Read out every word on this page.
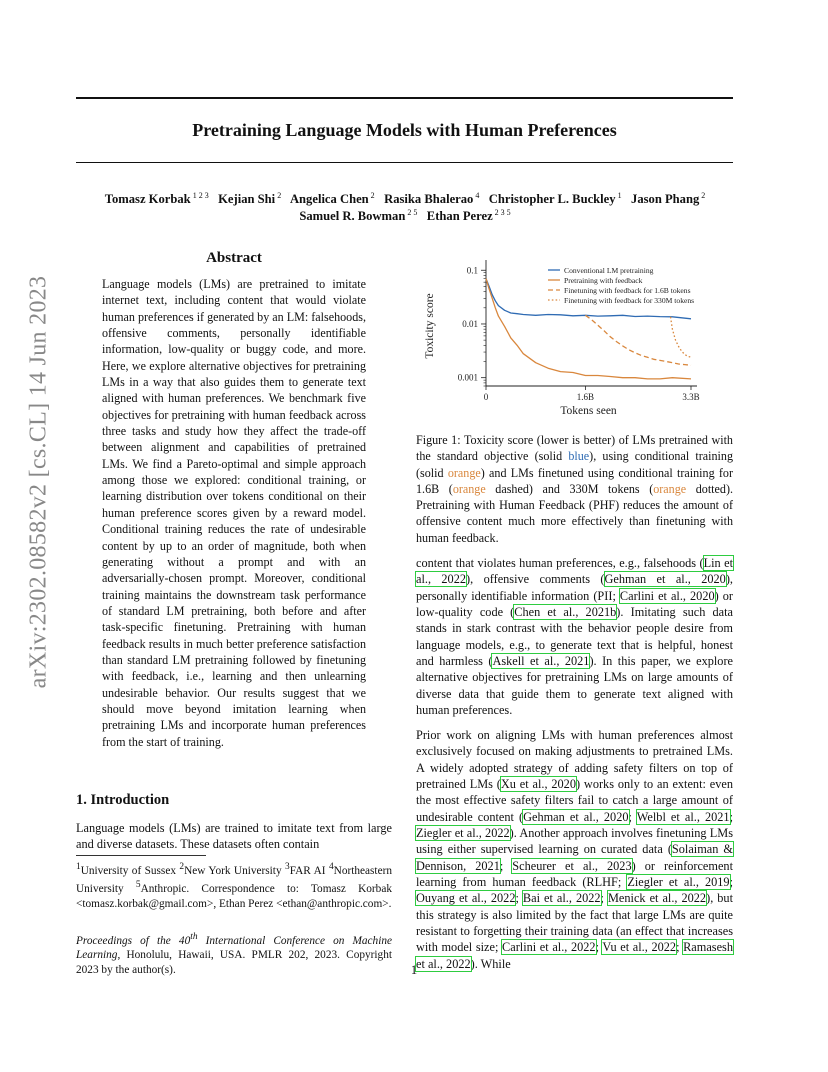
Pretraining Language Models with Human Preferences
Tomasz Korbak $^{1 2 3}$  Kejian Shi $^2$  Angelica Chen $^2$  Rasika Bhalerao $^4$  Christopher L. Buckley $^1$  Jason Phang $^2$
Samuel R. Bowman $^{2 5}$  Ethan Perez $^{2 3 5}$
arXiv:2302.08582v2 [cs.CL] 14 Jun 2023
Abstract
Language models (LMs) are pretrained to imitate internet text, including content that would violate human preferences if generated by an LM: falsehoods, offensive comments, personally identifiable information, low-quality or buggy code, and more. Here, we explore alternative objectives for pretraining LMs in a way that also guides them to generate text aligned with human preferences. We benchmark five objectives for pretraining with human feedback across three tasks and study how they affect the trade-off between alignment and capabilities of pretrained LMs. We find a Pareto-optimal and simple approach among those we explored: conditional training, or learning distribution over tokens conditional on their human preference scores given by a reward model. Conditional training reduces the rate of undesirable content by up to an order of magnitude, both when generating without a prompt and with an adversarially-chosen prompt. Moreover, conditional training maintains the downstream task performance of standard LM pretraining, both before and after task-specific finetuning. Pretraining with human feedback results in much better preference satisfaction than standard LM pretraining followed by finetuning with feedback, i.e., learning and then unlearning undesirable behavior. Our results suggest that we should move beyond imitation learning when pretraining LMs and incorporate human preferences from the start of training.
1. Introduction
Language models (LMs) are trained to imitate text from large and diverse datasets. These datasets often contain
$^1$University of Sussex $^2$New York University $^3$FAR AI $^4$Northeastern University $^5$Anthropic. Correspondence to: Tomasz Korbak <tomasz.korbak@gmail.com>, Ethan Perez <ethan@anthropic.com>.
Proceedings of the 40th International Conference on Machine Learning, Honolulu, Hawaii, USA. PMLR 202, 2023. Copyright 2023 by the author(s).
0.001
0.01
0.1
0	1.6B	3.3B
Tokens seen
Toxicity score
Conventional LM pretraining
Pretraining with feedback
Finetuning with feedback for 1.6B tokens
Finetuning with feedback for 330M tokens
Figure 1: Toxicity score (lower is better) of LMs pretrained with the standard objective (solid blue), using conditional training (solid orange) and LMs finetuned using conditional training for 1.6B (orange dashed) and 330M tokens (orange dotted). Pretraining with Human Feedback (PHF) reduces the amount of offensive content much more effectively than finetuning with human feedback.
content that violates human preferences, e.g., falsehoods (Lin et al., 2022), offensive comments (Gehman et al., 2020), personally identifiable information (PII; Carlini et al., 2020) or low-quality code (Chen et al., 2021b). Imitating such data stands in stark contrast with the behavior people desire from language models, e.g., to generate text that is helpful, honest and harmless (Askell et al., 2021). In this paper, we explore alternative objectives for pretraining LMs on large amounts of diverse data that guide them to generate text aligned with human preferences.
Prior work on aligning LMs with human preferences almost exclusively focused on making adjustments to pretrained LMs. A widely adopted strategy of adding safety filters on top of pretrained LMs (Xu et al., 2020) works only to an extent: even the most effective safety filters fail to catch a large amount of undesirable content (Gehman et al., 2020; Welbl et al., 2021; Ziegler et al., 2022). Another approach involves finetuning LMs using either supervised learning on curated data (Solaiman & Dennison, 2021; Scheurer et al., 2023) or reinforcement learning from human feedback (RLHF; Ziegler et al., 2019; Ouyang et al., 2022; Bai et al., 2022; Menick et al., 2022), but this strategy is also limited by the fact that large LMs are quite resistant to forgetting their training data (an effect that increases with model size; Carlini et al., 2022; Vu et al., 2022; Ramasesh et al., 2022). While
1
